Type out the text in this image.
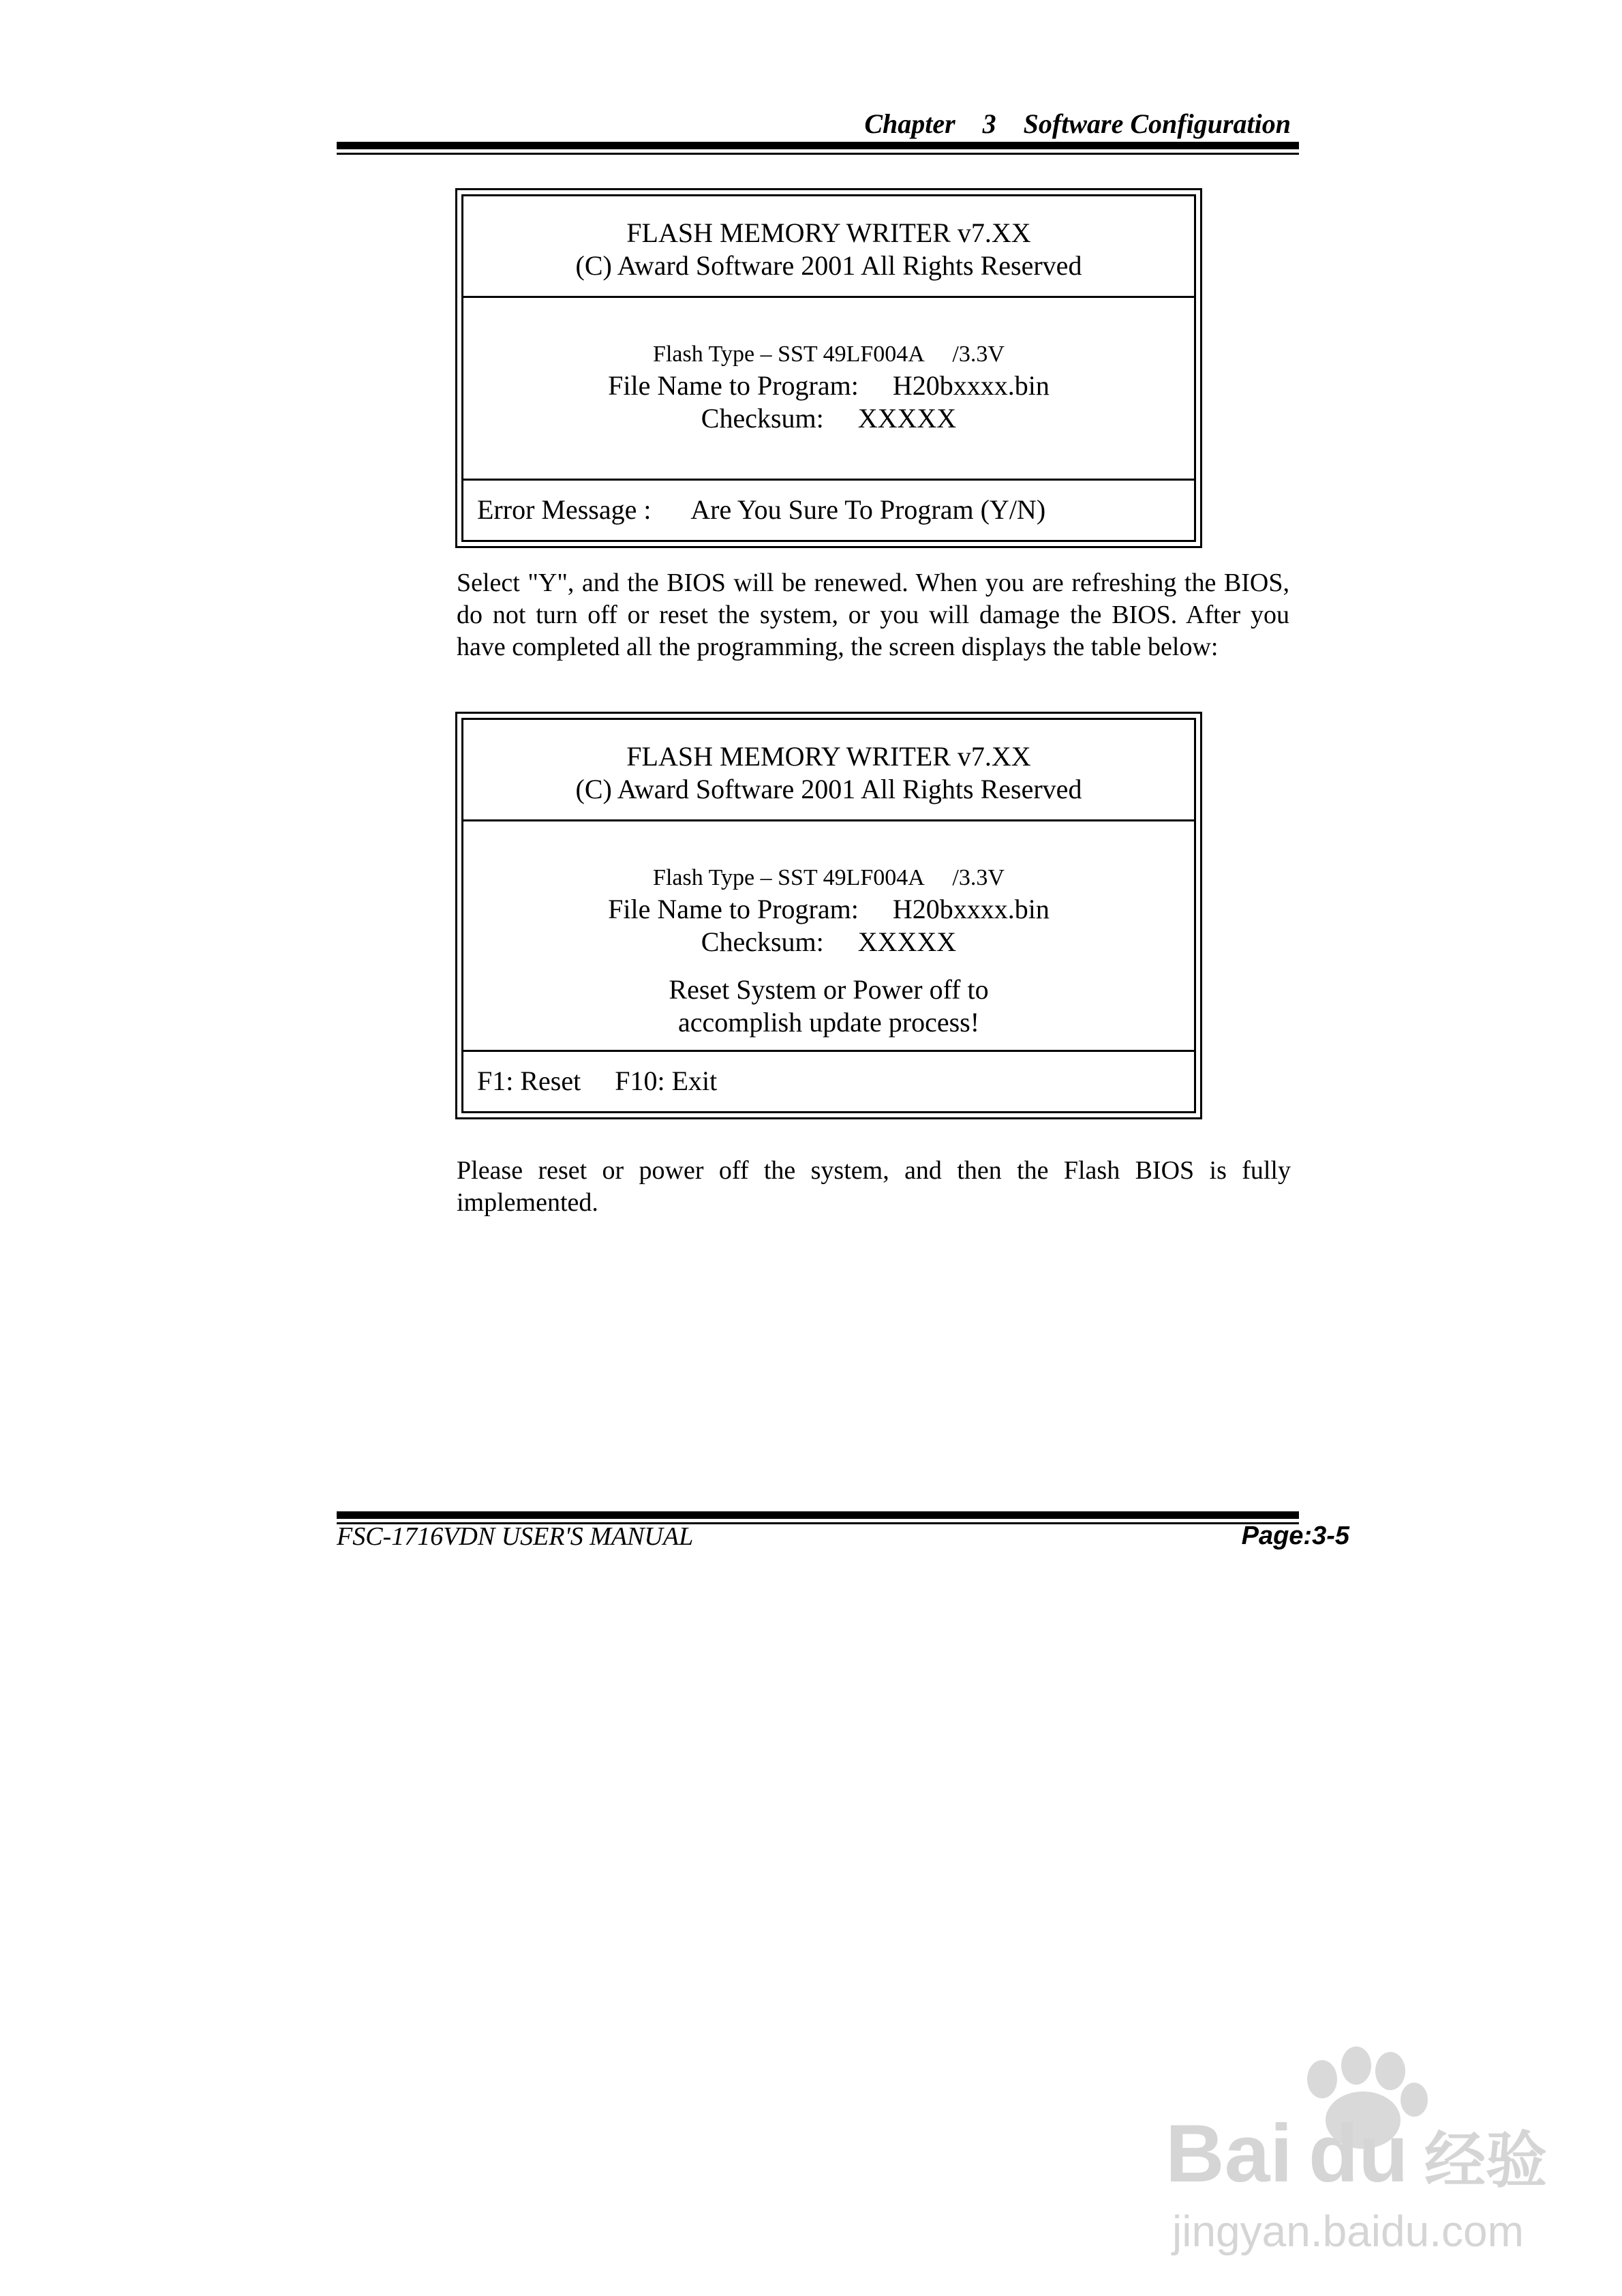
Chapter    3    Software Configuration
FLASH MEMORY WRITER v7.XX
(C) Award Software 2001 All Rights Reserved
Flash Type – SST 49LF004A     /3.3V
File Name to Program:     H20bxxxx.bin
Checksum:     XXXXX
Error Message :      Are You Sure To Program (Y/N)
Select "Y", and the BIOS will be renewed. When you are refreshing the BIOS, do not turn off or reset the system, or you will damage the BIOS. After you have completed all the programming, the screen displays the table below:
FLASH MEMORY WRITER v7.XX
(C) Award Software 2001 All Rights Reserved
Flash Type – SST 49LF004A     /3.3V
File Name to Program:     H20bxxxx.bin
Checksum:     XXXXX
Reset System or Power off to
accomplish update process!
F1: Reset     F10: Exit
Please reset or power off the system, and then the Flash BIOS is fully implemented.
FSC-1716VDN USER'S MANUAL	Page:3-5
Bai du 经验
jingyan.baidu.com
